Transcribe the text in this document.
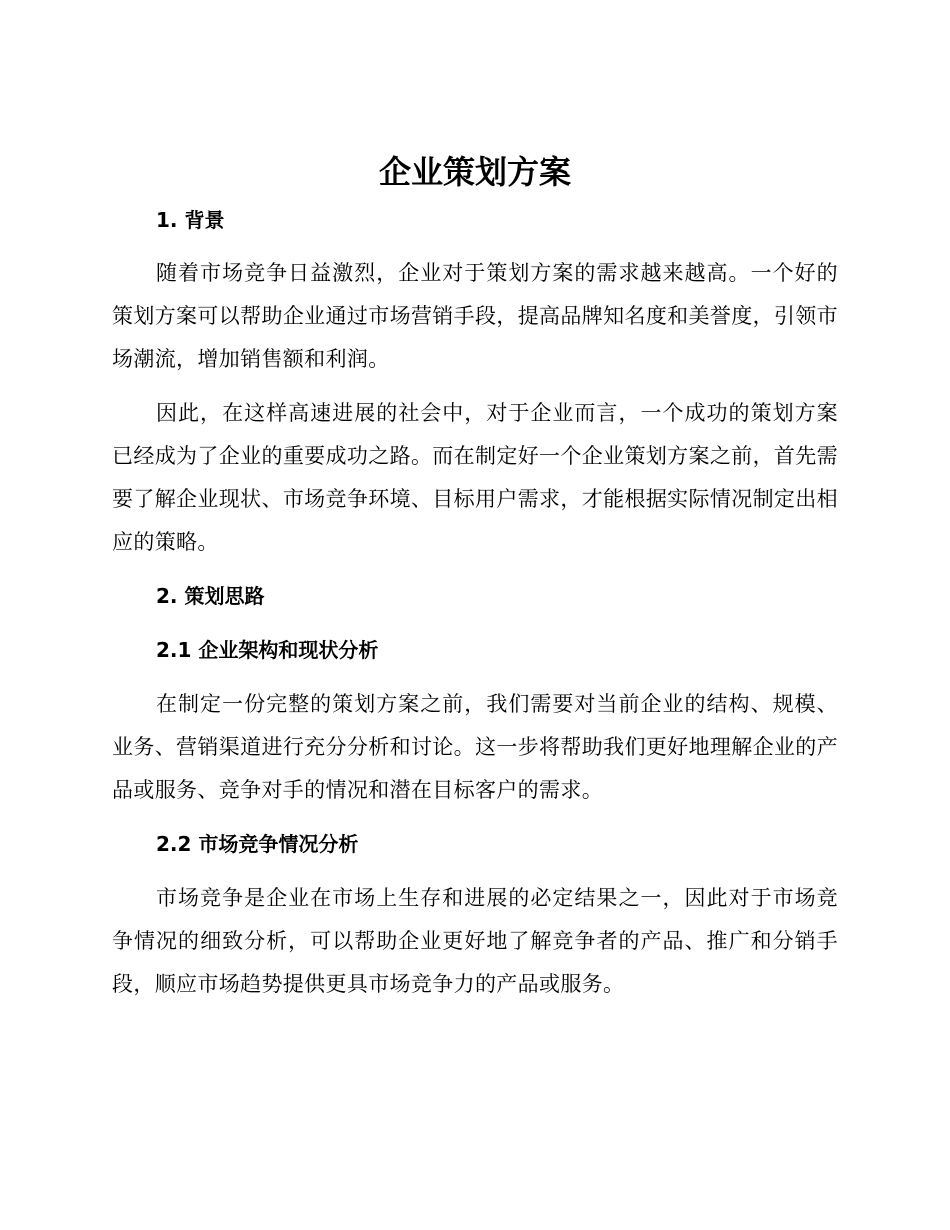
企业策划方案
1. 背景

随着市场竞争日益激烈，企业对于策划方案的需求越来越高。一个好的策划方案可以帮助企业通过市场营销手段，提高品牌知名度和美誉度，引领市场潮流，增加销售额和利润。

因此，在这样高速进展的社会中，对于企业而言，一个成功的策划方案已经成为了企业的重要成功之路。而在制定好一个企业策划方案之前，首先需要了解企业现状、市场竞争环境、目标用户需求，才能根据实际情况制定出相应的策略。

2. 策划思路
2.1 企业架构和现状分析

在制定一份完整的策划方案之前，我们需要对当前企业的结构、规模、业务、营销渠道进行充分分析和讨论。这一步将帮助我们更好地理解企业的产品或服务、竞争对手的情况和潜在目标客户的需求。

2.2 市场竞争情况分析

市场竞争是企业在市场上生存和进展的必定结果之一，因此对于市场竞争情况的细致分析，可以帮助企业更好地了解竞争者的产品、推广和分销手段，顺应市场趋势提供更具市场竞争力的产品或服务。
